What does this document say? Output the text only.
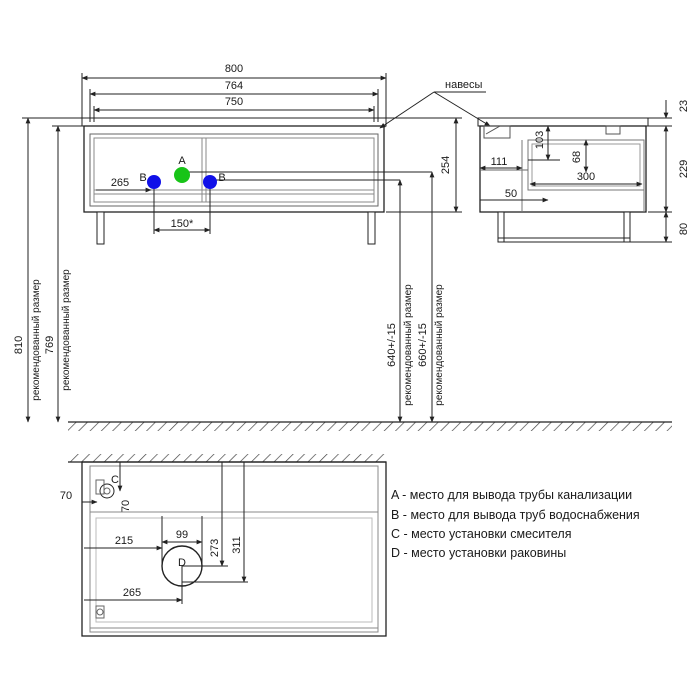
800
764
750
265
150*
B
A
B
254
навесы
810 рекомендованный размер 769 рекомендованный размер	640+/-15 рекомендованный размер 660+/-15 рекомендованный размер
23
229
80
103
68
111
300
50
C
D
70
70
215	99
273 311
265
A - место для вывода трубы канализации
B - место для вывода труб водоснабжения
C - место установки смесителя
D - место установки раковины
